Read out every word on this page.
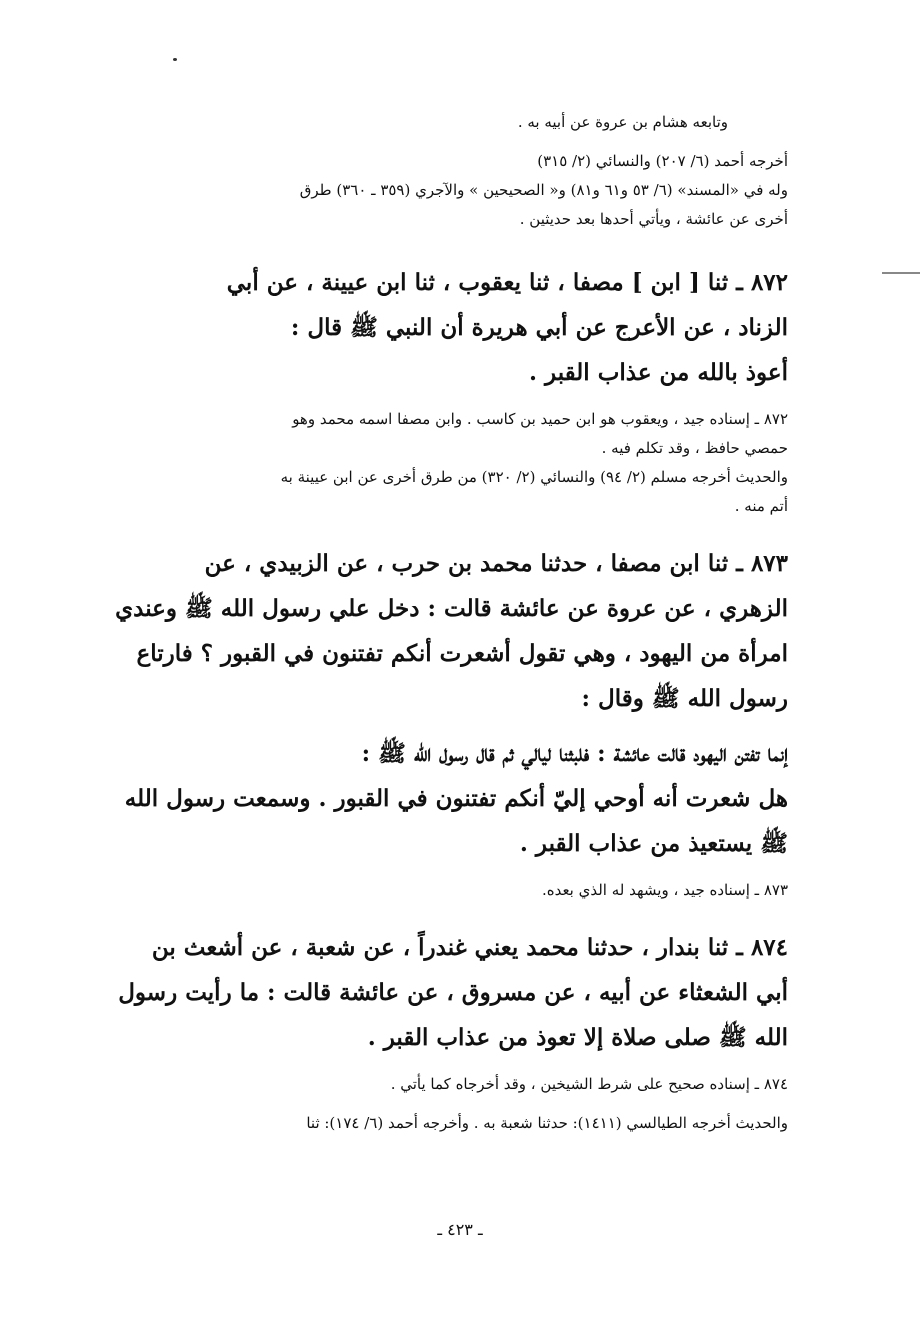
وتابعه هشام بن عروة عن أبيه به .

أخرجه أحمد (٦/ ٢٠٧) والنسائي (٢/ ٣١٥)

وله في «المسند» (٦/ ٥٣ و٦١ و٨١) و« الصحيحين » والآجري (٣٥٩ ـ ٣٦٠) طرق

أخرى عن عائشة ، ويأتي أحدها بعد حديثين .

٨٧٢ ـ ثنا [ ابن ] مصفا ، ثنا يعقوب ، ثنا ابن عيينة ، عن أبي

الزناد ، عن الأعرج عن أبي هريرة أن النبي ﷺ قال :

أعوذ بالله من عذاب القبر .

٨٧٢ ـ إسناده جيد ، ويعقوب هو ابن حميد بن كاسب . وابن مصفا اسمه محمد وهو

حمصي حافظ ، وقد تكلم فيه .

والحديث أخرجه مسلم (٢/ ٩٤) والنسائي (٢/ ٣٢٠) من طرق أخرى عن ابن عيينة به

أتم منه .

٨٧٣ ـ ثنا ابن مصفا ، حدثنا محمد بن حرب ، عن الزبيدي ، عن

الزهري ، عن عروة عن عائشة قالت : دخل علي رسول الله ﷺ وعندي

امرأة من اليهود ، وهي تقول أشعرت أنكم تفتنون في القبور ؟ فارتاع

رسول الله ﷺ وقال :

إنما تفتن اليهود قالت عائشة : فلبثنا ليالي ثم قال رسول الله ﷺ :

هل شعرت أنه أوحي إليّ أنكم تفتنون في القبور . وسمعت رسول الله

ﷺ يستعيذ من عذاب القبر .

٨٧٣ ـ إسناده جيد ، ويشهد له الذي بعده.

٨٧٤ ـ ثنا بندار ، حدثنا محمد يعني غندراً ، عن شعبة ، عن أشعث بن

أبي الشعثاء عن أبيه ، عن مسروق ، عن عائشة قالت : ما رأيت رسول

الله ﷺ صلى صلاة إلا تعوذ من عذاب القبر .

٨٧٤ ـ إسناده صحيح على شرط الشيخين ، وقد أخرجاه كما يأتي .

والحديث أخرجه الطيالسي (١٤١١): حدثنا شعبة به . وأخرجه أحمد (٦/ ١٧٤): ثنا

ـ ٤٢٣ ـ
